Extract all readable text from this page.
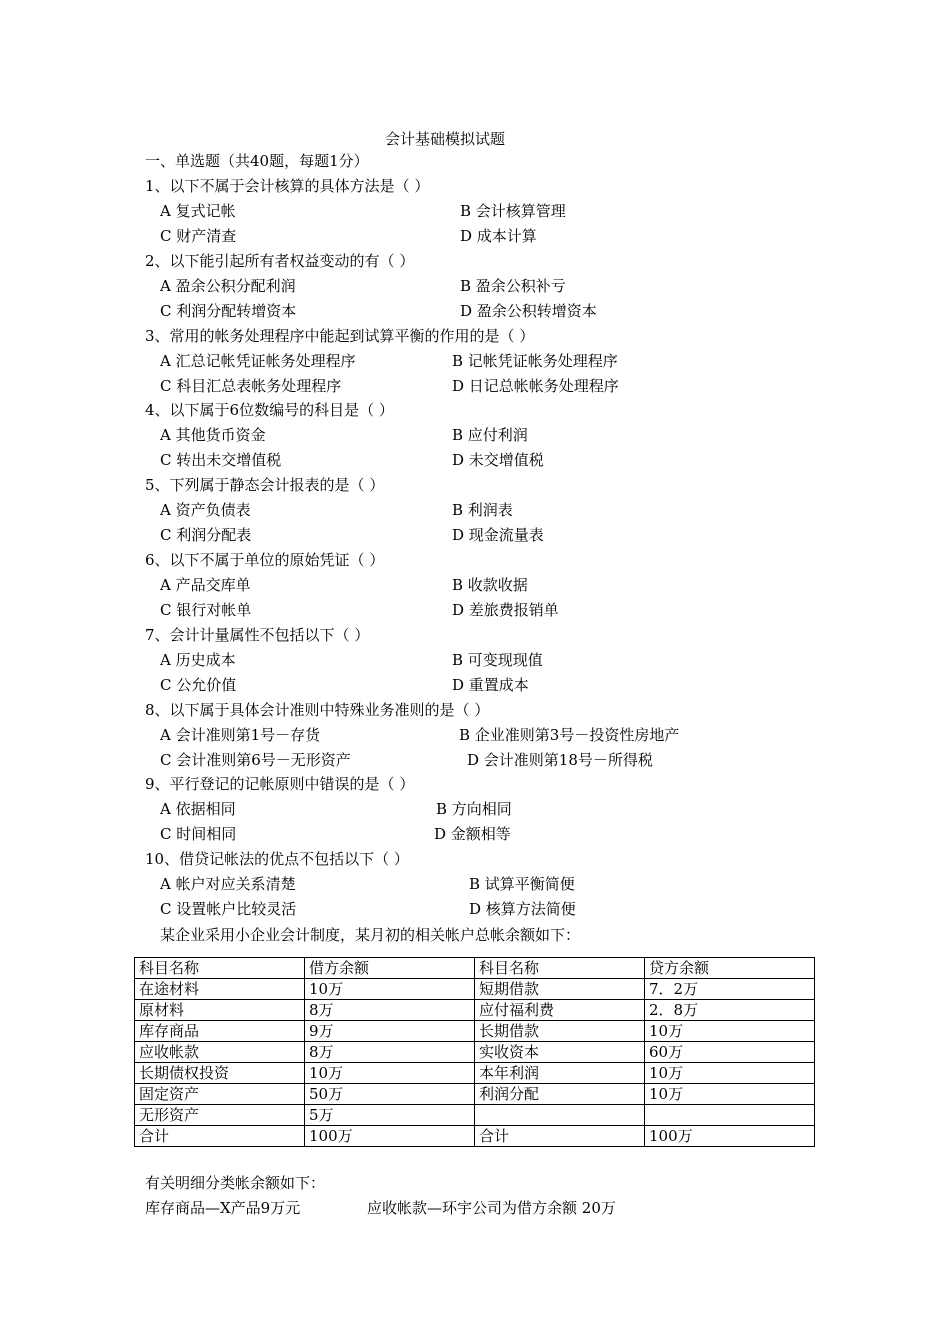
会计基础模拟试题
一、单选题（共40题，每题1分）
1、以下不属于会计核算的具体方法是（ ）
A 复式记帐	B 会计核算管理
C 财产清查	D 成本计算
2、以下能引起所有者权益变动的有（ ）
A 盈余公积分配利润	B 盈余公积补亏
C 利润分配转增资本	D 盈余公积转增资本
3、常用的帐务处理程序中能起到试算平衡的作用的是（ ）
A 汇总记帐凭证帐务处理程序	B 记帐凭证帐务处理程序
C 科目汇总表帐务处理程序	D 日记总帐帐务处理程序
4、以下属于6位数编号的科目是（ ）
A 其他货币资金	B 应付利润
C 转出未交增值税	D 未交增值税
5、下列属于静态会计报表的是（ ）
A 资产负债表	B 利润表
C 利润分配表	D 现金流量表
6、以下不属于单位的原始凭证（ ）
A 产品交库单	B 收款收据
C 银行对帐单	D 差旅费报销单
7、会计计量属性不包括以下（ ）
A 历史成本	B 可变现现值
C 公允价值	D 重置成本
8、以下属于具体会计准则中特殊业务准则的是（ ）
A 会计准则第1号－存货	B 企业准则第3号－投资性房地产
C 会计准则第6号－无形资产	D 会计准则第18号－所得税
9、平行登记的记帐原则中错误的是（ ）
A 依据相同	B 方向相同
C 时间相同	D 金额相等
10、借贷记帐法的优点不包括以下（ ）
A 帐户对应关系清楚	B 试算平衡简便
C 设置帐户比较灵活	D 核算方法简便
某企业采用小企业会计制度，某月初的相关帐户总帐余额如下：
科目名称	借方余额	科目名称	贷方余额
在途材料	10万	短期借款	7．2万
原材料	8万	应付福利费	2．8万
库存商品	9万	长期借款	10万
应收帐款	8万	实收资本	60万
长期债权投资	10万	本年利润	10万
固定资产	50万	利润分配	10万
无形资产	5万		
合计	100万	合计	100万
有关明细分类帐余额如下：
库存商品—X产品9万元	应收帐款—环宇公司为借方余额 20万
